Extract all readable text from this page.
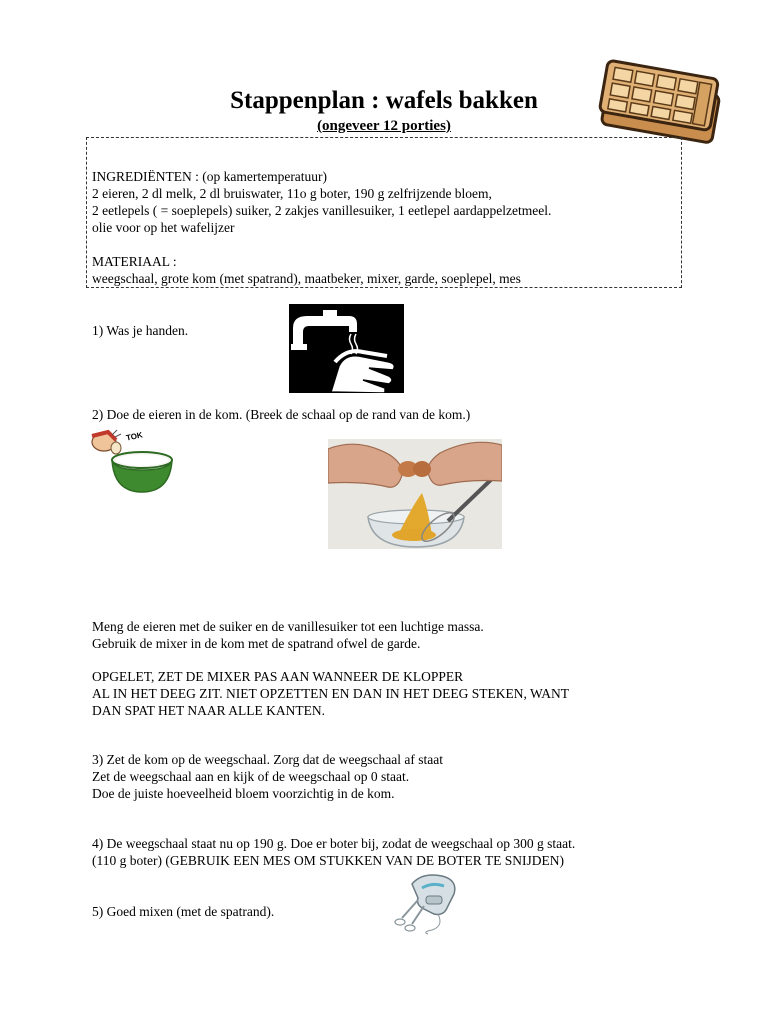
Stappenplan : wafels bakken
(ongeveer 12 porties)
INGREDIËNTEN : (op kamertemperatuur)
2 eieren, 2 dl melk, 2 dl bruiswater, 11o g boter, 190 g zelfrijzende bloem,
2 eetlepels ( = soeplepels) suiker, 2 zakjes vanillesuiker, 1 eetlepel aardappelzetmeel.
olie voor op het wafelijzer
MATERIAAL :
weegschaal, grote kom (met spatrand), maatbeker, mixer, garde, soeplepel, mes
1) Was je handen.
2) Doe de eieren in de kom. (Breek de schaal op de rand van de kom.)
TOK
Meng de eieren met de suiker en de vanillesuiker tot een luchtige massa.
Gebruik de mixer in de kom met de spatrand ofwel de garde.
OPGELET, ZET DE MIXER PAS AAN WANNEER DE KLOPPER
AL IN HET DEEG ZIT. NIET OPZETTEN EN DAN IN HET DEEG STEKEN, WANT
DAN SPAT HET NAAR ALLE KANTEN.
3) Zet de kom op de weegschaal. Zorg dat de weegschaal af staat
Zet de weegschaal aan en kijk of de weegschaal op 0 staat.
Doe de juiste hoeveelheid bloem voorzichtig in de kom.
4) De weegschaal staat nu op 190 g. Doe er boter bij, zodat de weegschaal op 300 g staat.
(110 g boter) (GEBRUIK EEN MES OM STUKKEN VAN DE BOTER TE SNIJDEN)
5) Goed mixen (met de spatrand).
